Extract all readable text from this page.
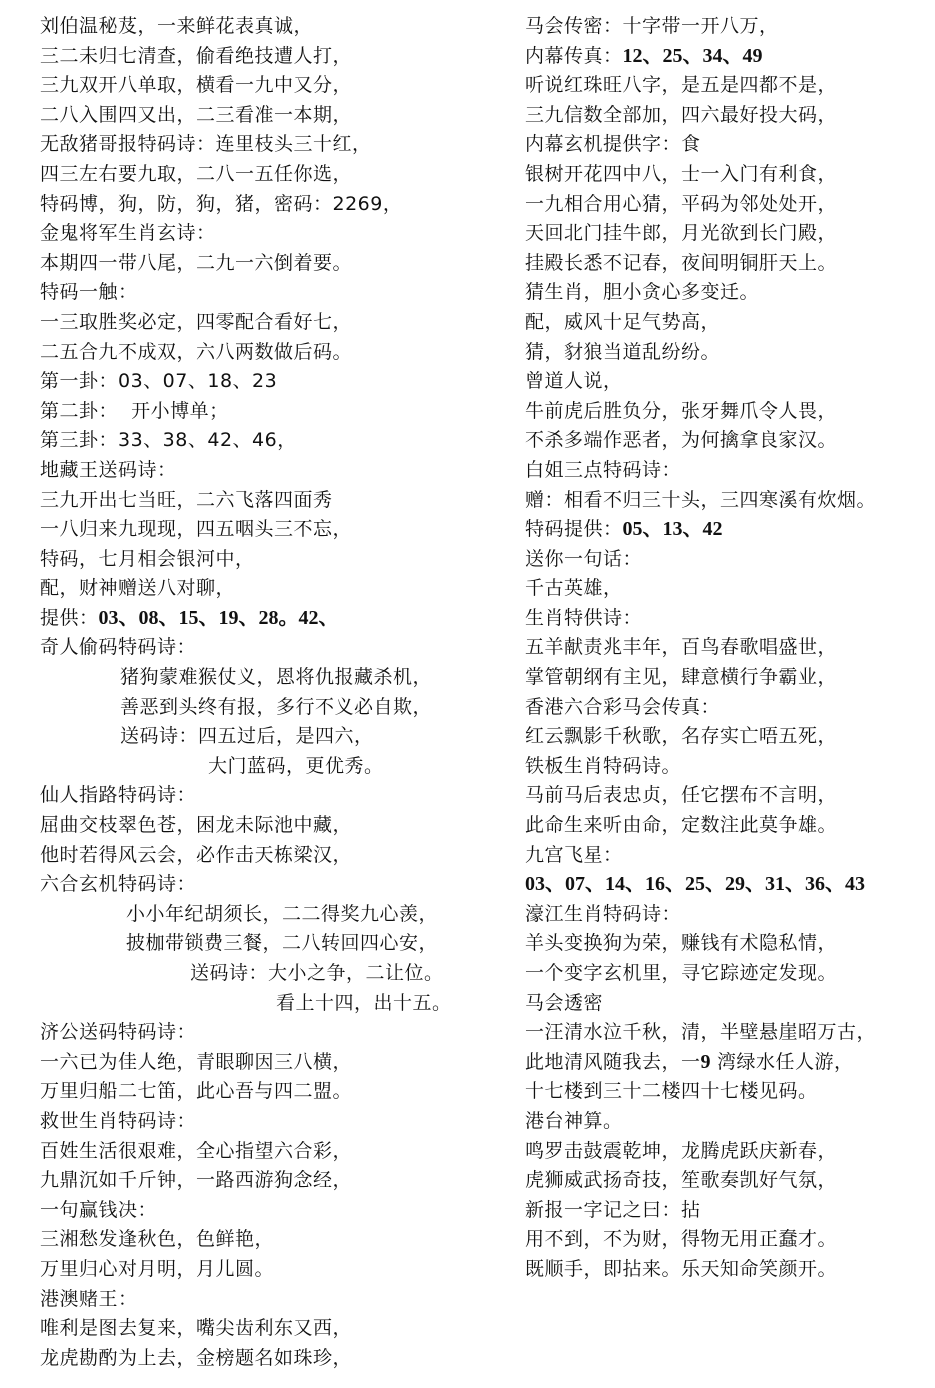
刘伯温秘芨，一来鲜花表真诚，
三二未归七清查，偷看绝技遭人打，
三九双开八单取，横看一九中又分，
二八入围四又出，二三看准一本期，
无敌猪哥报特码诗：连里枝头三十红，
四三左右要九取，二八一五任你选，
特码博，狗，防，狗，猪，密码：2269，
金鬼将军生肖玄诗：
本期四一带八尾，二九一六倒着要。
特码一触：
一三取胜奖必定，四零配合看好七，
二五合九不成双，六八两数做后码。
第一卦：03、07、18、23
第二卦：  开小博单；
第三卦：33、38、42、46，
地藏王送码诗：
三九开出七当旺，二六飞落四面秀
一八归来九现现，四五咽头三不忘，
特码，七月相会银河中，
配，财神赠送八对聊，
提供：03、08、15、19、28。42、
奇人偷码特码诗：
猪狗蒙难猴仗义，恩将仇报藏杀机，
善恶到头终有报，多行不义必自欺，
送码诗：四五过后，是四六，
大门蓝码，更优秀。
仙人指路特码诗：
屈曲交枝翠色苍，困龙未际池中藏，
他时若得风云会，必作击天栋梁汉，
六合玄机特码诗：
小小年纪胡须长，二二得奖九心羡，
披枷带锁费三餐，二八转回四心安，
送码诗：大小之争，二让位。
看上十四，出十五。
济公送码特码诗：
一六已为佳人绝，青眼聊因三八横，
万里归船二七笛，此心吾与四二盟。
救世生肖特码诗：
百姓生活很艰难，全心指望六合彩，
九鼎沉如千斤钟，一路西游狗念经，
一句赢钱决：
三湘愁发逢秋色，色鲜艳，
万里归心对月明，月儿圆。
港澳赌王：
唯利是图去复来，嘴尖齿利东又西，
龙虎勘酌为上去，金榜题名如珠珍，
马会传密：十字带一开八万，
内幕传真：12、25、34、49
听说红珠旺八字，是五是四都不是，
三九信数全部加，四六最好投大码，
内幕玄机提供字：食
银树开花四中八，士一入门有利食，
一九相合用心猜，平码为邻处处开，
天回北门挂牛郎，月光欲到长门殿，
挂殿长悉不记春，夜间明铜肝天上。
猜生肖，胆小贪心多变迁。
配，威风十足气势高，
猜，豺狼当道乱纷纷。
曾道人说，
牛前虎后胜负分，张牙舞爪令人畏，
不杀多端作恶者，为何擒拿良家汉。
白姐三点特码诗：
赠：相看不归三十头，三四寒溪有炊烟。
特码提供：05、13、42
送你一句话：
千古英雄，
生肖特供诗：
五羊献责兆丰年，百鸟春歌唱盛世，
掌管朝纲有主见，肆意横行争霸业，
香港六合彩马会传真：
红云飘影千秋歌，名存实亡唔五死，
铁板生肖特码诗。
马前马后表忠贞，任它摆布不言明，
此命生来听由命，定数注此莫争雄。
九宫飞星：
03、07、14、16、25、29、31、36、43
濠江生肖特码诗：
羊头变换狗为荣，赚钱有术隐私情，
一个变字玄机里，寻它踪迹定发现。
马会透密
一汪清水泣千秋，清，半壁悬崖昭万古，
此地清风随我去，一9 湾绿水任人游，
十七楼到三十二楼四十七楼见码。
港台神算。
鸣罗击鼓震乾坤，龙腾虎跃庆新春，
虎狮威武扬奇技，笙歌奏凯好气氛，
新报一字记之曰：拈
用不到，不为财，得物无用正蠢才。
既顺手，即拈来。乐天知命笑颜开。
